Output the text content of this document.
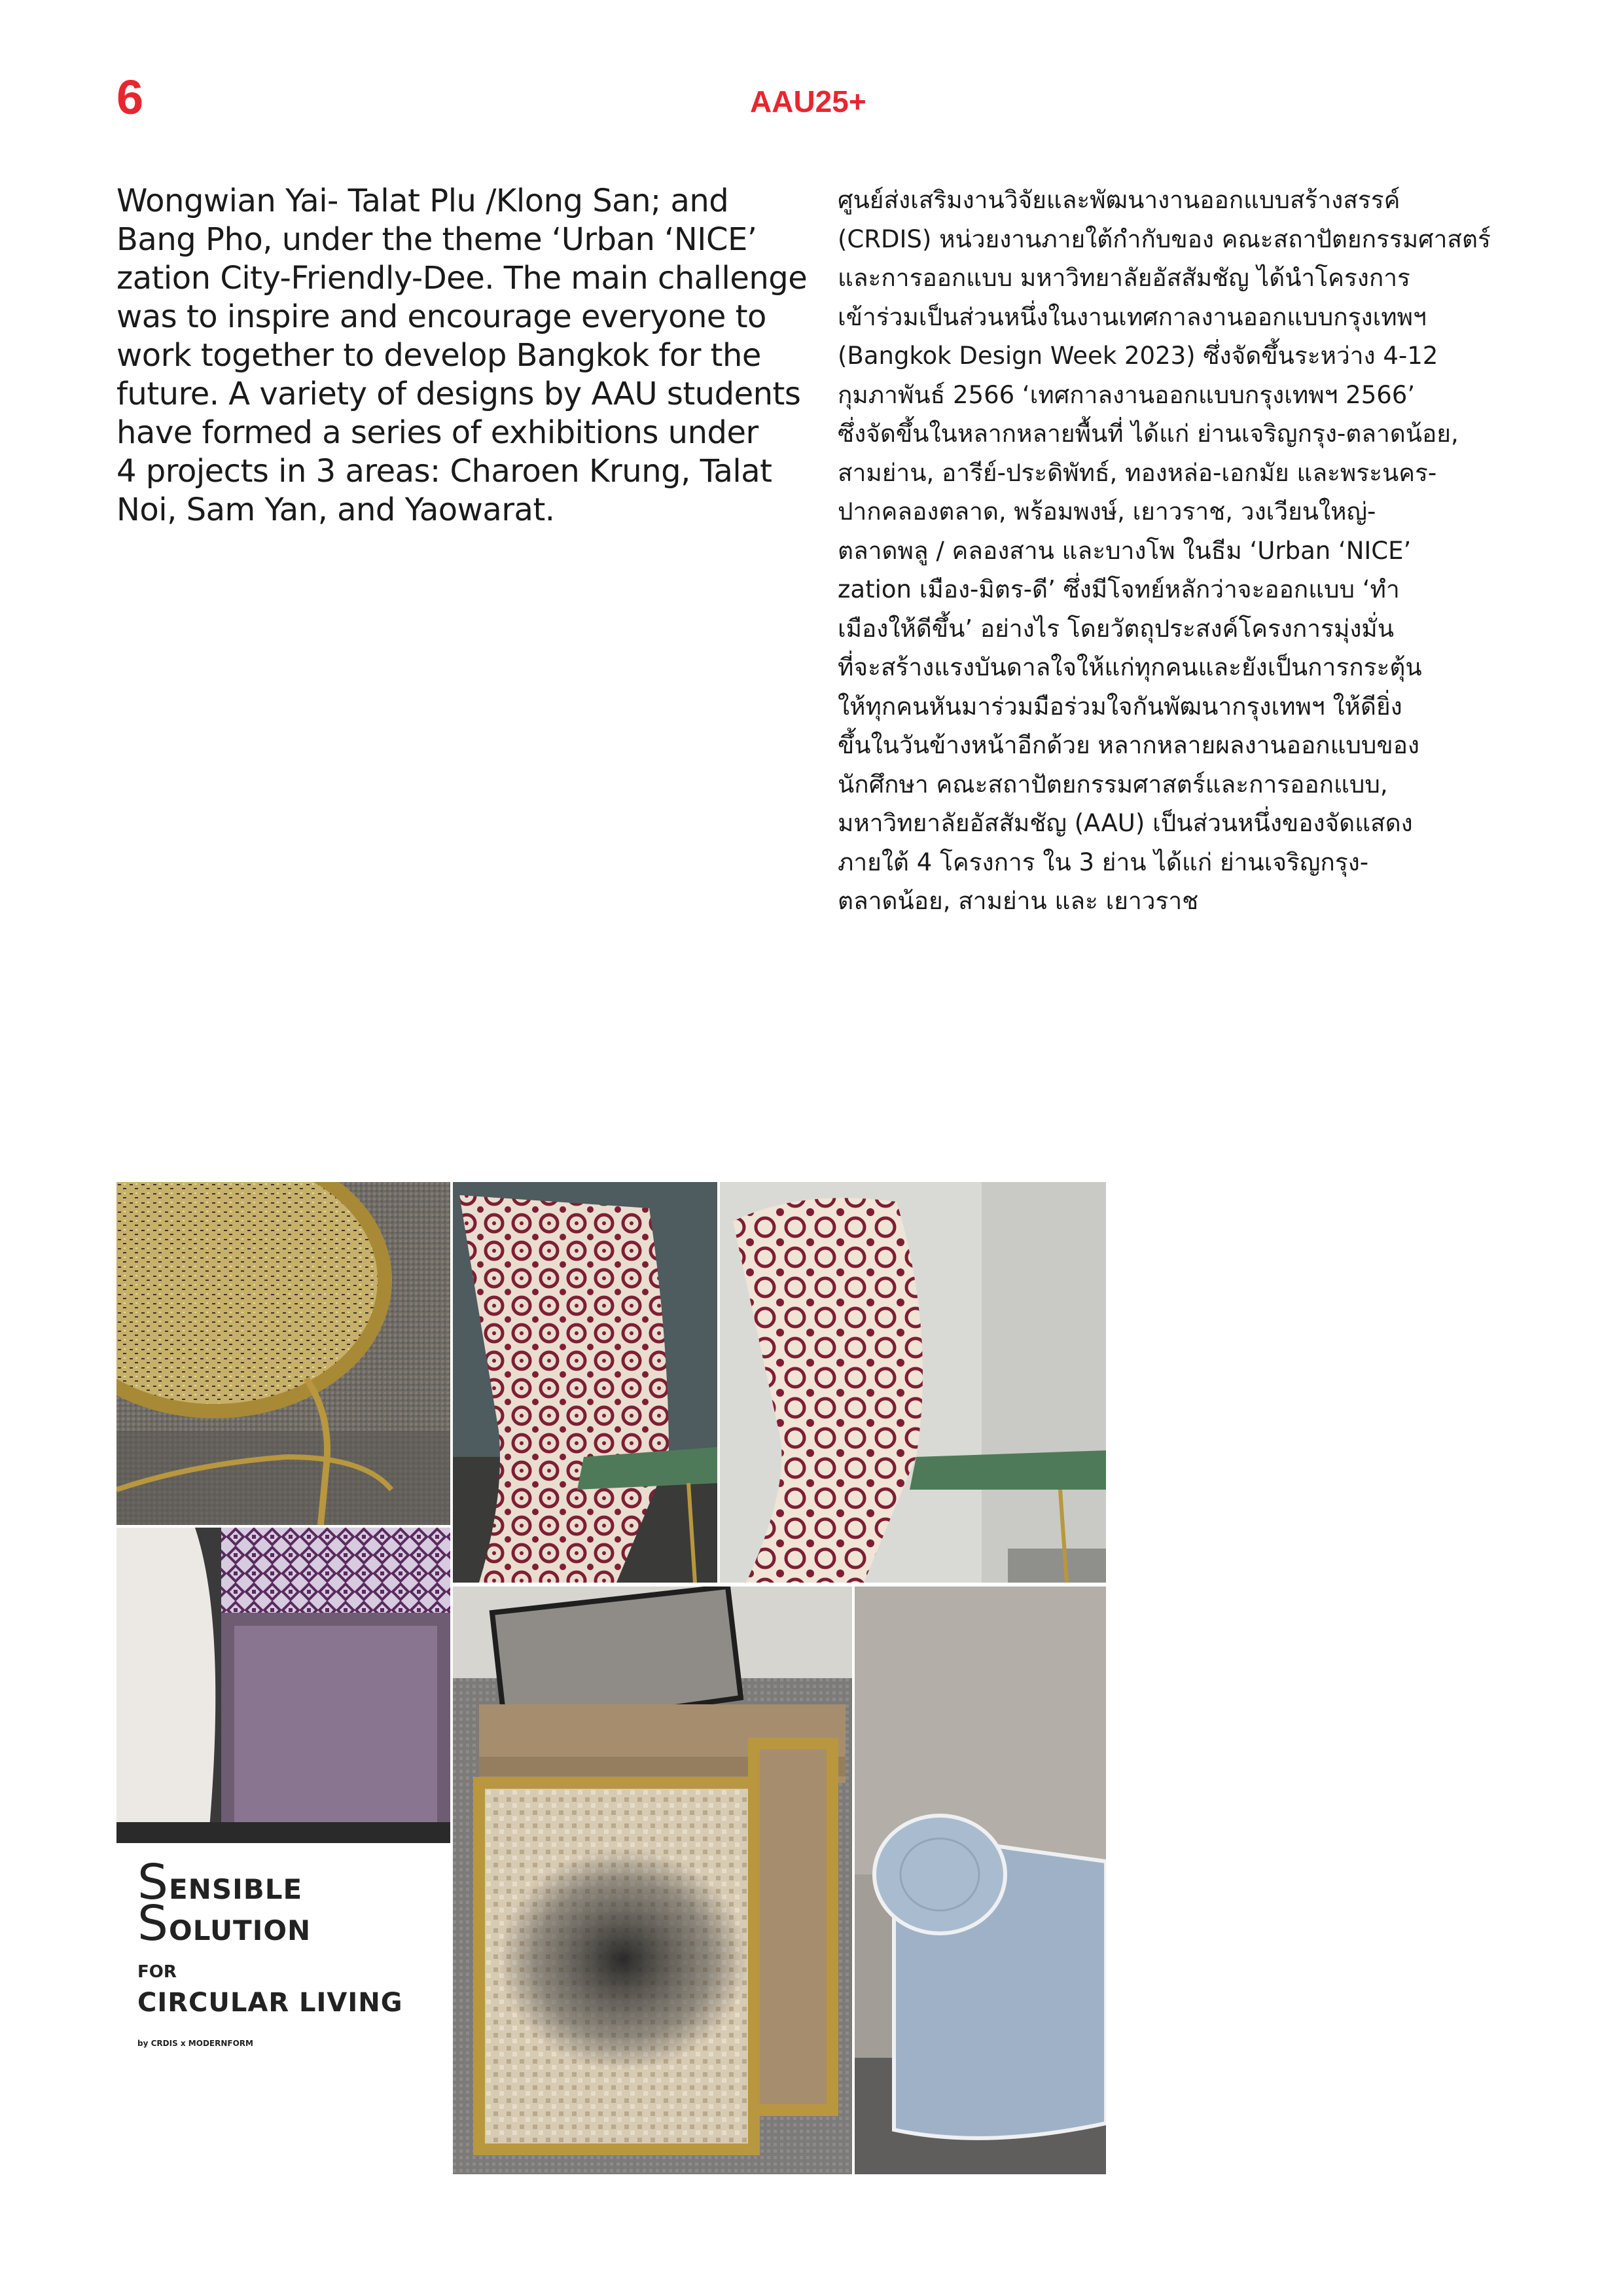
6	AAU25+
Wongwian Yai- Talat Plu /Klong San; and
Bang Pho, under the theme ‘Urban ‘NICE’
zation City-Friendly-Dee. The main challenge
was to inspire and encourage everyone to
work together to develop Bangkok for the
future. A variety of designs by AAU students
have formed a series of exhibitions under
4 projects in 3 areas: Charoen Krung, Talat
Noi, Sam Yan, and Yaowarat.
ศูนย์ส่งเสริมงานวิจัยและพัฒนางานออกแบบสร้างสรรค์
(CRDIS) หน่วยงานภายใต้กำกับของ คณะสถาปัตยกรรมศาสตร์
และการออกแบบ มหาวิทยาลัยอัสสัมชัญ ได้นำโครงการ
เข้าร่วมเป็นส่วนหนึ่งในงานเทศกาลงานออกแบบกรุงเทพฯ
(Bangkok Design Week 2023) ซึ่งจัดขึ้นระหว่าง 4-12
กุมภาพันธ์ 2566 ‘เทศกาลงานออกแบบกรุงเทพฯ 2566’
ซึ่งจัดขึ้นในหลากหลายพื้นที่ ได้แก่ ย่านเจริญกรุง-ตลาดน้อย,
สามย่าน, อารีย์-ประดิพัทธ์, ทองหล่อ-เอกมัย และพระนคร-
ปากคลองตลาด, พร้อมพงษ์, เยาวราช, วงเวียนใหญ่-
ตลาดพลู / คลองสาน และบางโพ ในธีม ‘Urban ‘NICE’
zation เมือง-มิตร-ดี’ ซึ่งมีโจทย์หลักว่าจะออกแบบ ‘ทำ
เมืองให้ดีขึ้น’ อย่างไร โดยวัตถุประสงค์โครงการมุ่งมั่น
ที่จะสร้างแรงบันดาลใจให้แก่ทุกคนและยังเป็นการกระตุ้น
ให้ทุกคนหันมาร่วมมือร่วมใจกันพัฒนากรุงเทพฯ ให้ดียิ่ง
ขึ้นในวันข้างหน้าอีกด้วย หลากหลายผลงานออกแบบของ
นักศึกษา คณะสถาปัตยกรรมศาสตร์และการออกแบบ,
มหาวิทยาลัยอัสสัมชัญ (AAU) เป็นส่วนหนึ่งของจัดแสดง
ภายใต้ 4 โครงการ ใน 3 ย่าน ได้แก่ ย่านเจริญกรุง-
ตลาดน้อย, สามย่าน และ เยาวราช
SENSIBLE
SOLUTION
FOR
CIRCULAR LIVING
by CRDIS x MODERNFORM
